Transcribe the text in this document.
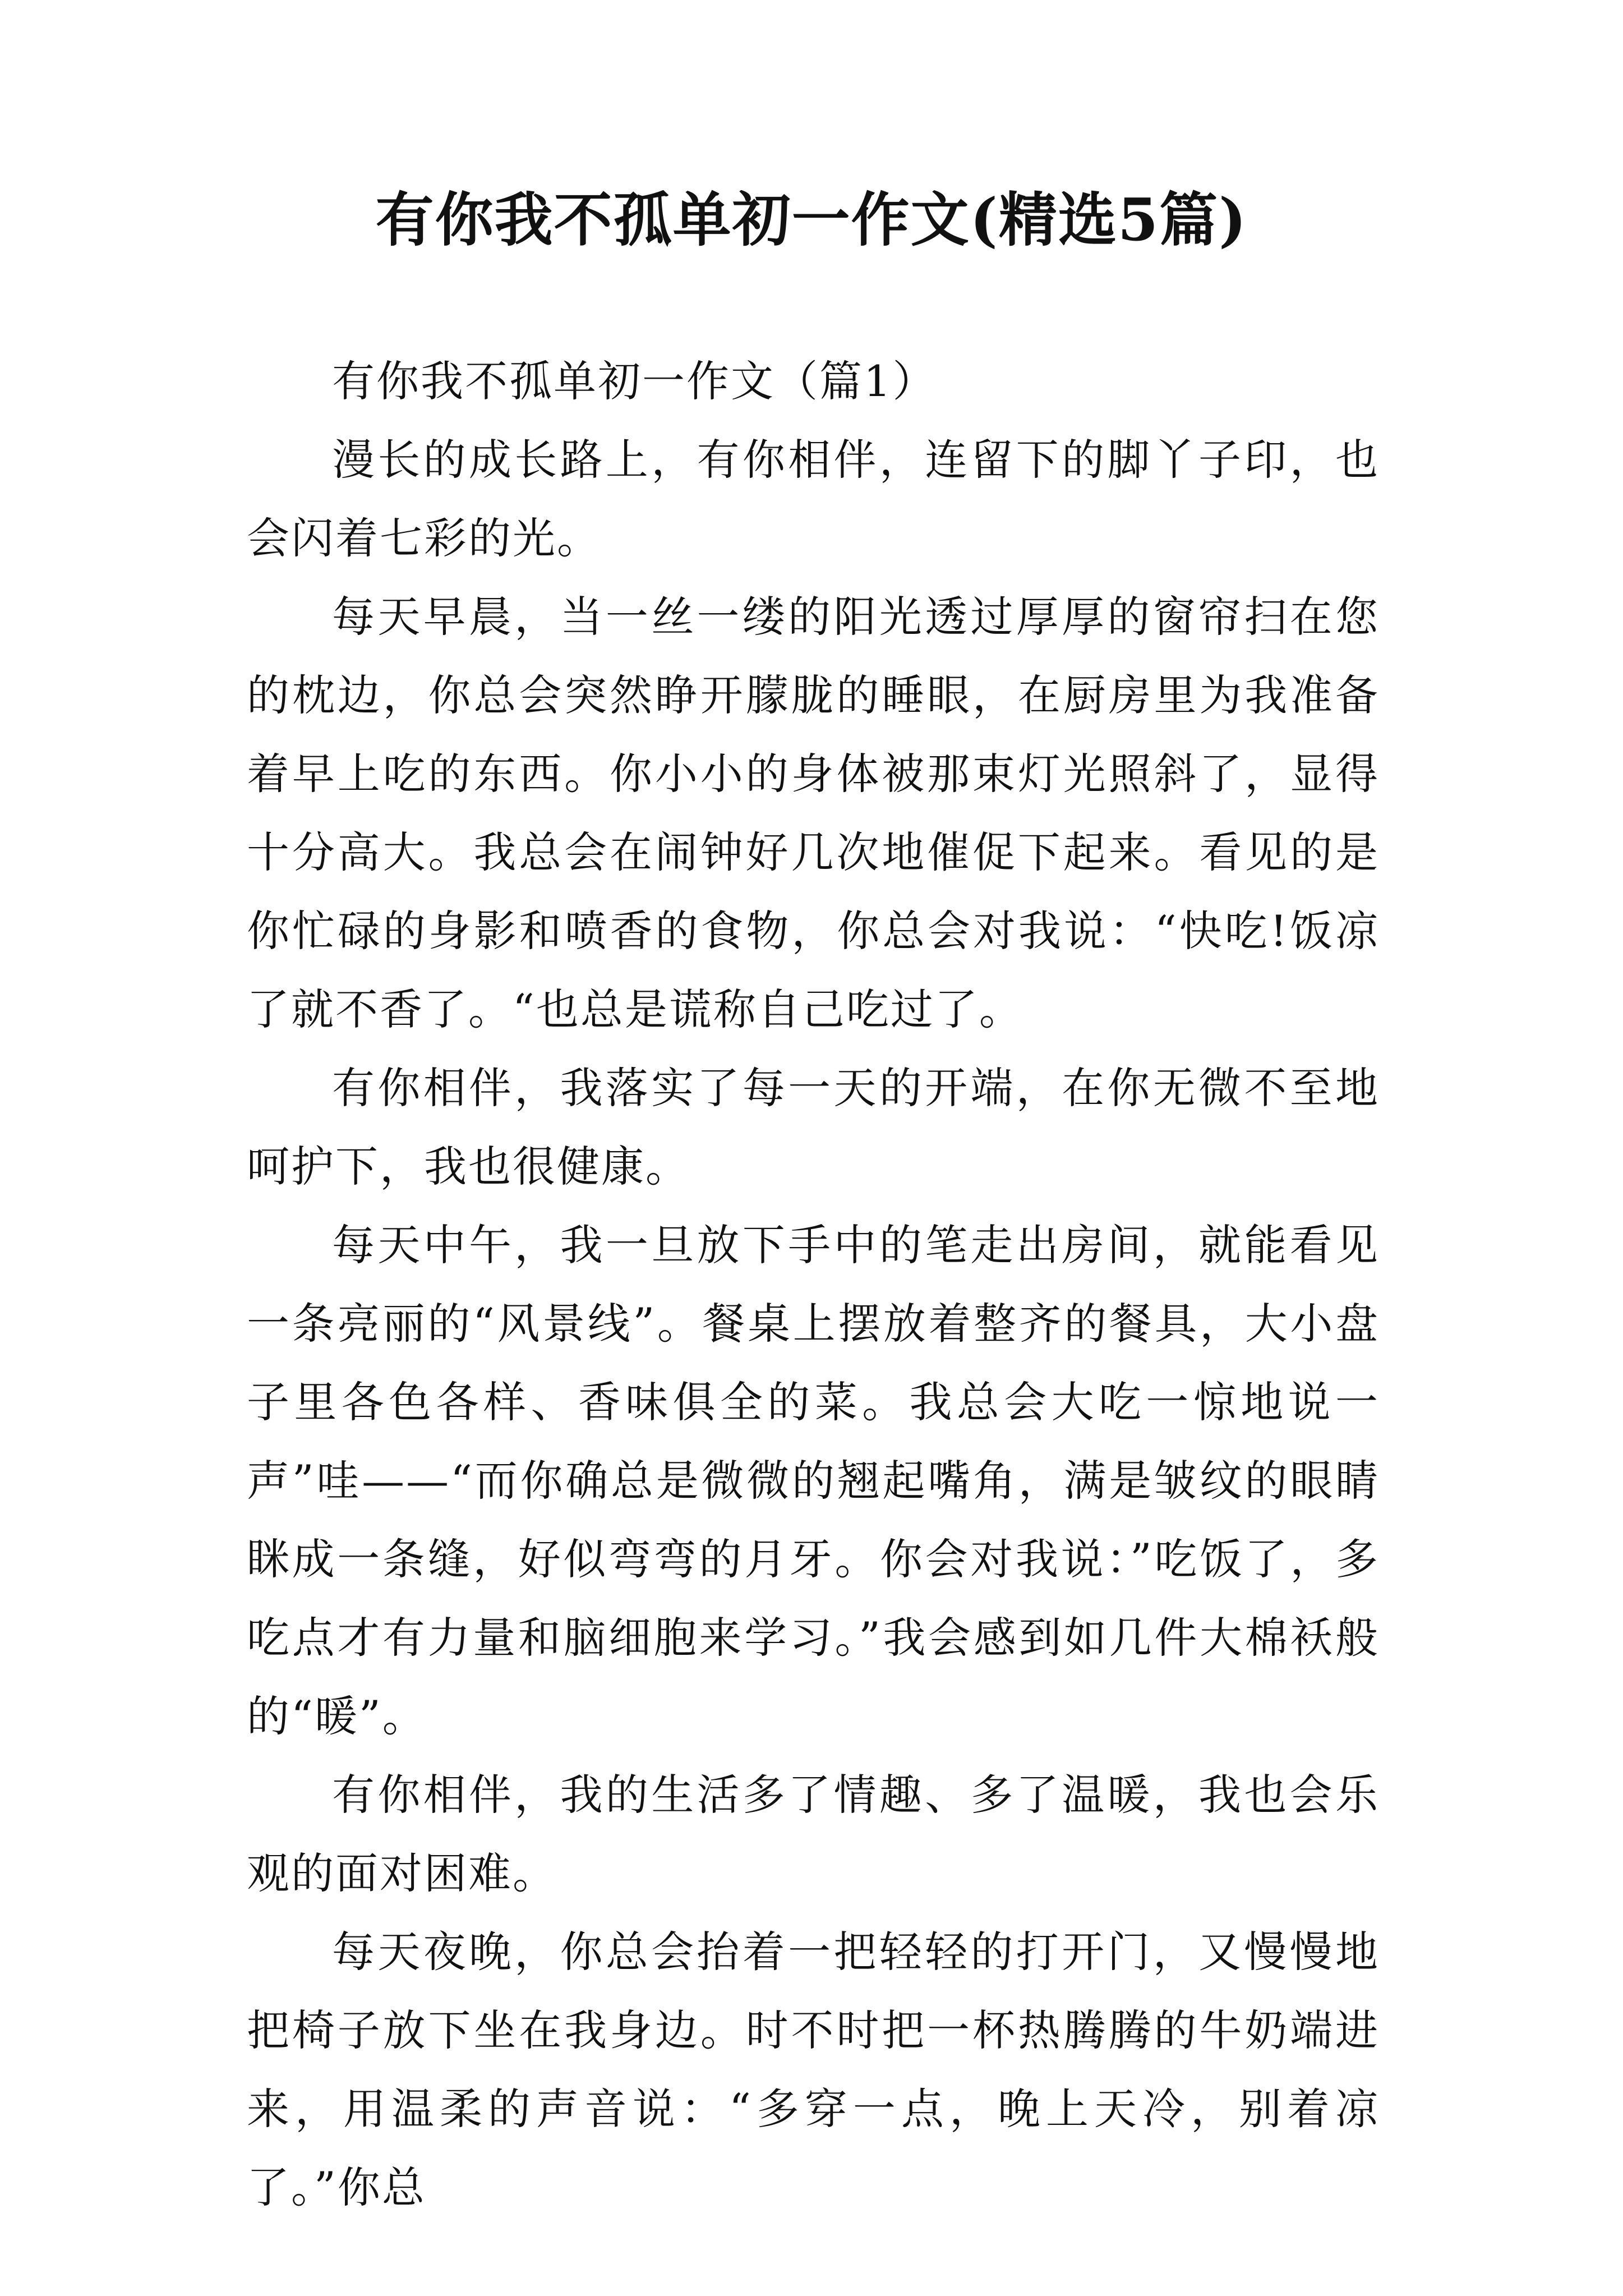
有你我不孤单初一作文(精选5篇)

有你我不孤单初一作文（篇1）

漫长的成长路上，有你相伴，连留下的脚丫子印，也会闪着七彩的光。

每天早晨，当一丝一缕的阳光透过厚厚的窗帘扫在您的枕边，你总会突然睁开朦胧的睡眼，在厨房里为我准备着早上吃的东西。你小小的身体被那束灯光照斜了，显得十分高大。我总会在闹钟好几次地催促下起来。看见的是你忙碌的身影和喷香的食物，你总会对我说：“快吃!饭凉了就不香了。“也总是谎称自己吃过了。

有你相伴，我落实了每一天的开端，在你无微不至地呵护下，我也很健康。

每天中午，我一旦放下手中的笔走出房间，就能看见一条亮丽的“风景线”。餐桌上摆放着整齐的餐具，大小盘子里各色各样、香味俱全的菜。我总会大吃一惊地说一声”哇——“而你确总是微微的翘起嘴角，满是皱纹的眼睛眯成一条缝，好似弯弯的月牙。你会对我说：”吃饭了，多吃点才有力量和脑细胞来学习。”我会感到如几件大棉袄般的“暖”。

有你相伴，我的生活多了情趣、多了温暖，我也会乐观的面对困难。

每天夜晚，你总会抬着一把轻轻的打开门，又慢慢地把椅子放下坐在我身边。时不时把一杯热腾腾的牛奶端进来，用温柔的声音说：“多穿一点，晚上天冷，别着凉了。”你总
